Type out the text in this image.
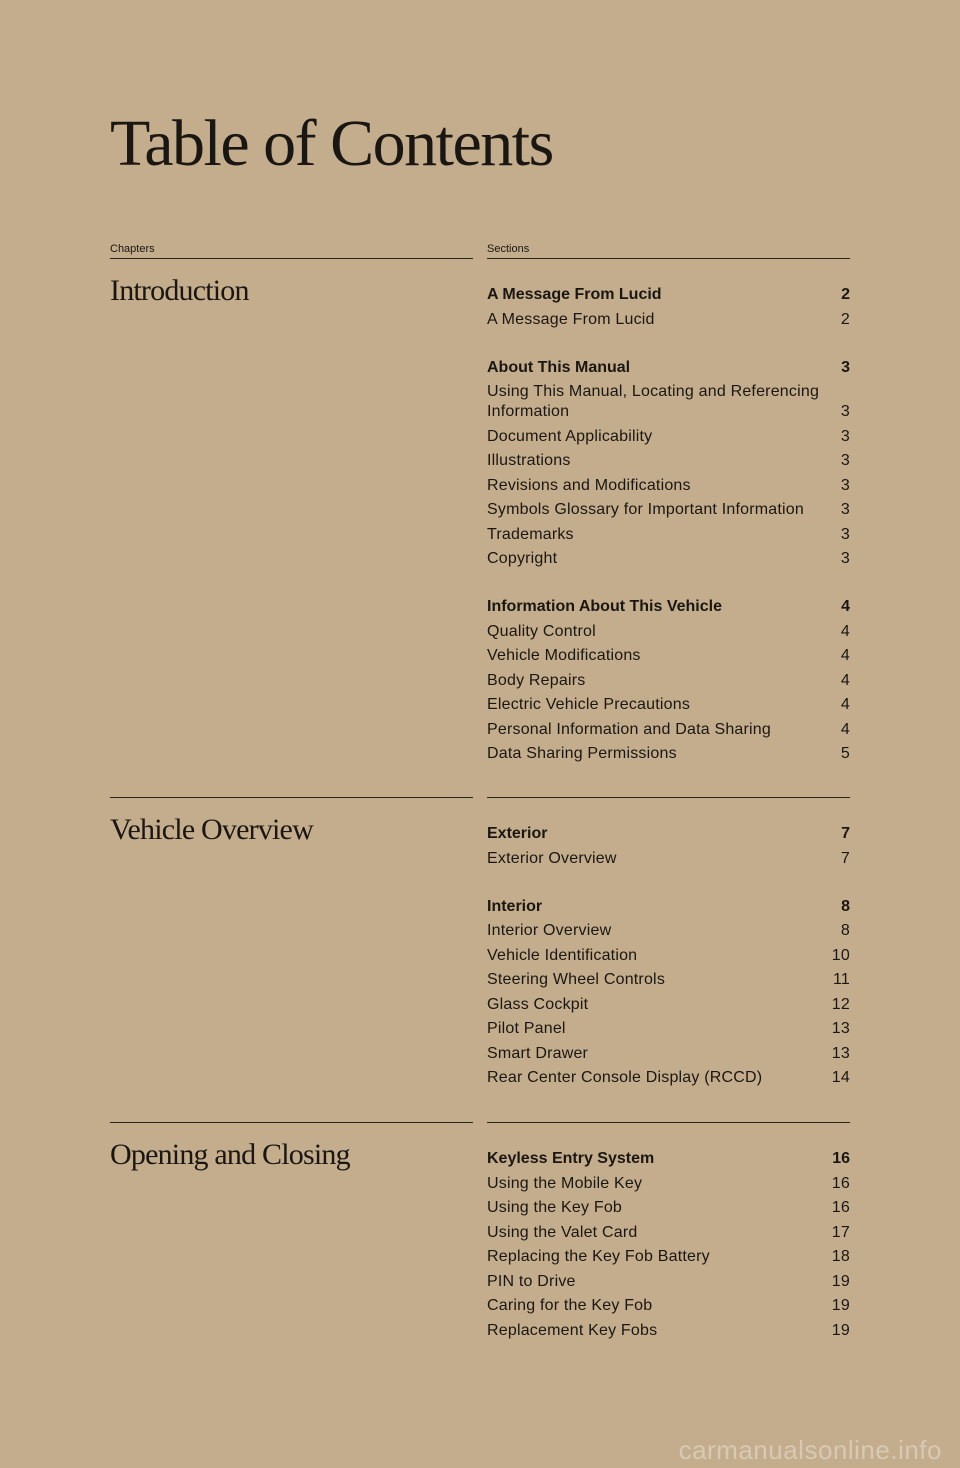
Table of Contents
Chapters	Sections
Introduction	A Message From Lucid	2
A Message From Lucid	2
About This Manual	3
Using This Manual, Locating and Referencing Information	3
Document Applicability	3
Illustrations	3
Revisions and Modifications	3
Symbols Glossary for Important Information	3
Trademarks	3
Copyright	3
Information About This Vehicle	4
Quality Control	4
Vehicle Modifications	4
Body Repairs	4
Electric Vehicle Precautions	4
Personal Information and Data Sharing	4
Data Sharing Permissions	5
Vehicle Overview	Exterior	7
Exterior Overview	7
Interior	8
Interior Overview	8
Vehicle Identification	10
Steering Wheel Controls	11
Glass Cockpit	12
Pilot Panel	13
Smart Drawer	13
Rear Center Console Display (RCCD)	14
Opening and Closing	Keyless Entry System	16
Using the Mobile Key	16
Using the Key Fob	16
Using the Valet Card	17
Replacing the Key Fob Battery	18
PIN to Drive	19
Caring for the Key Fob	19
Replacement Key Fobs	19
carmanualsonline.info
